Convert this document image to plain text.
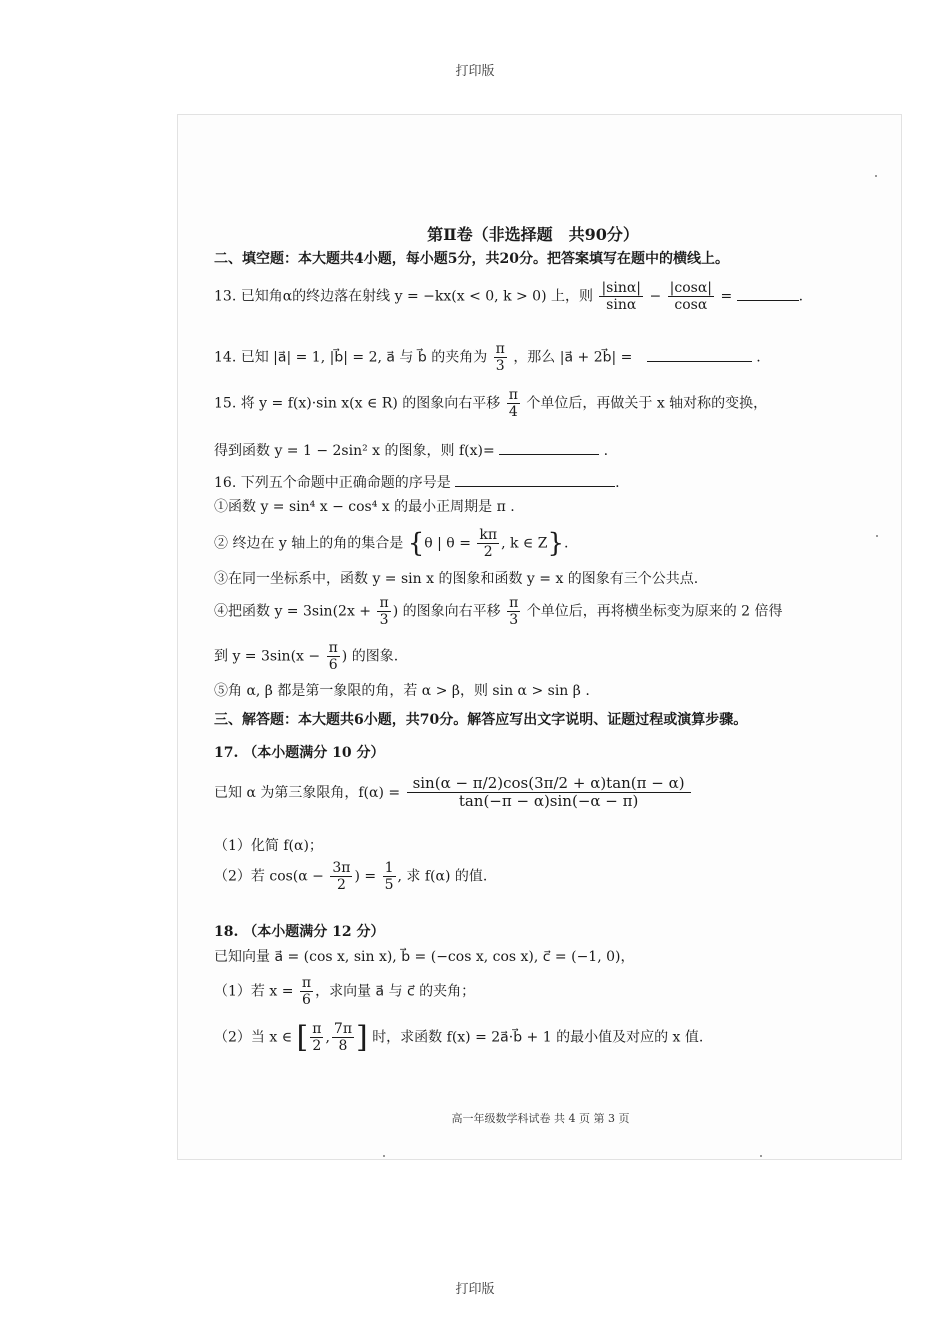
打印版
第Ⅱ卷（非选择题　共90分）
二、填空题：本大题共4小题，每小题5分，共20分。把答案填写在题中的横线上。
13. 已知角α的终边落在射线 y = −kx(x < 0, k > 0) 上，则 $\frac{|\sin\alpha|}{\sin\alpha} - \frac{|\cos\alpha|}{\cos\alpha}$ =	.
14. 已知 |a⃗| = 1, |b⃗| = 2, a⃗ 与 b⃗ 的夹角为 $\frac{\pi}{3}$ ，那么 |a⃗ + 2b⃗| =	.
15. 将 y = f(x)·sin x(x ∈ R) 的图象向右平移 $\frac{\pi}{4}$ 个单位后，再做关于 x 轴对称的变换，
得到函数 y = 1 − 2sin² x 的图象，则 f(x)=	.
16. 下列五个命题中正确命题的序号是	.
①函数 y = sin⁴ x − cos⁴ x 的最小正周期是 π .
② 终边在 y 轴上的角的集合是 {θ | $\theta = \frac{k\pi}{2}$ , k ∈ Z}.
③在同一坐标系中，函数 y = sin x 的图象和函数 y = x 的图象有三个公共点.
④把函数 $y = 3\sin(2x + \frac{\pi}{3}$ ) 的图象向右平移 $\frac{\pi}{3}$ 个单位后，再将横坐标变为原来的 2 倍得
到 $y = 3\sin(x - \frac{\pi}{6}$ ) 的图象.
⑤角 α, β 都是第一象限的角，若 α > β，则 sin α > sin β .
三、解答题：本大题共6小题，共70分。解答应写出文字说明、证题过程或演算步骤。
17. （本小题满分 10 分）
已知 α 为第三象限角，$f(\alpha) = \frac{\sin(\alpha - \pi/2)\cos(3\pi/2 + \alpha)\tan(\pi - \alpha)}{\tan(-\pi - \alpha)\sin(-\alpha - \pi)}$
（1）化简 f(α)；
（2）若 $\cos(\alpha - \frac{3\pi}{2}$ ) = $\frac{1}{5}$ , 求 f(α) 的值.
18. （本小题满分 12 分）
已知向量 a⃗ = (cos x, sin x), b⃗ = (−cos x, cos x), c⃗ = (−1, 0)，
（1）若 $x = \frac{\pi}{6}$ ，求向量 a⃗ 与 c⃗ 的夹角；
（2）当 x ∈ [ $\frac{\pi}{2}$ , $\frac{7\pi}{8}$ ] 时，求函数 f(x) = 2a⃗·b⃗ + 1 的最小值及对应的 x 值.
高一年级数学科试卷 共 4 页 第 3 页
打印版
